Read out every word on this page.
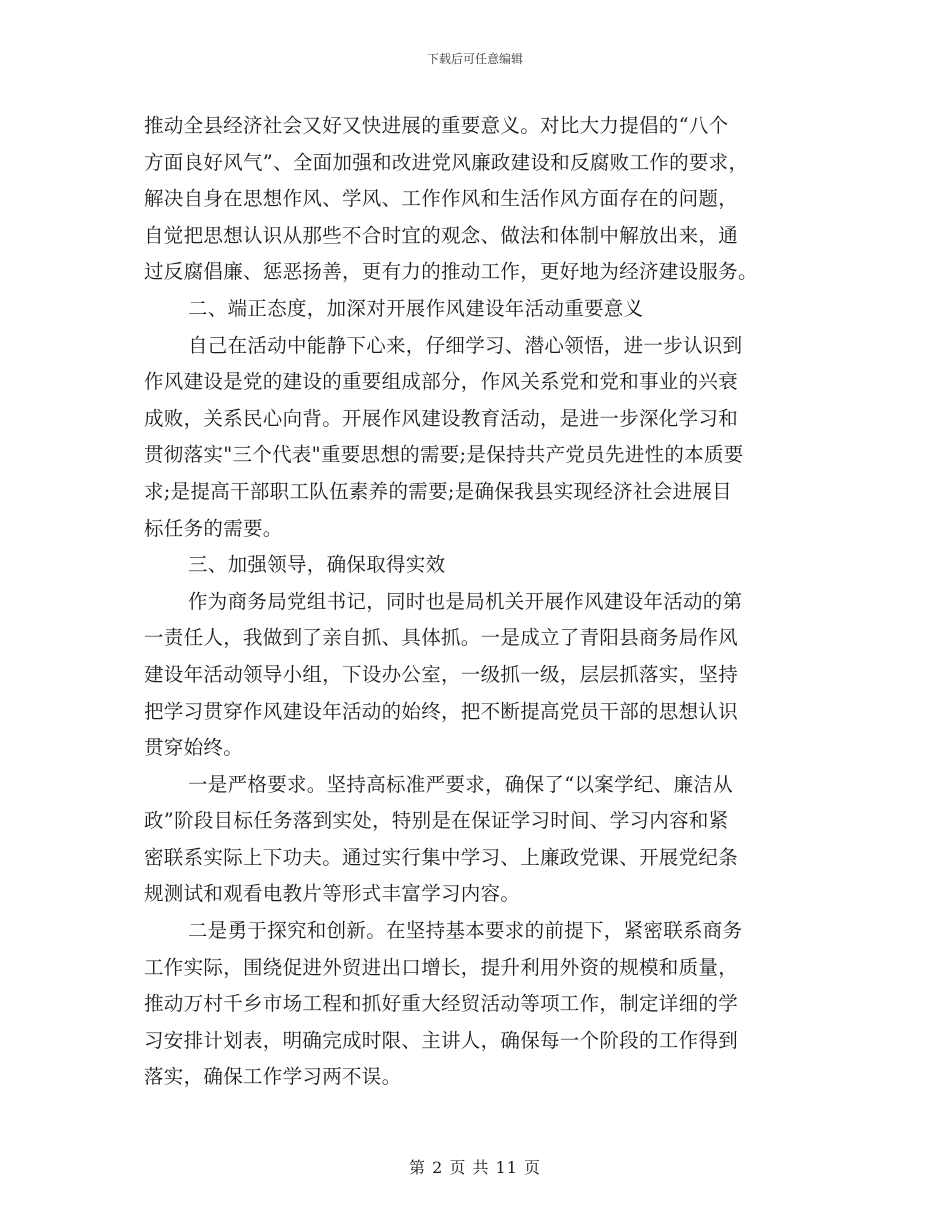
下载后可任意编辑
推动全县经济社会又好又快进展的重要意义。对比大力提倡的“八个
方面良好风气”、全面加强和改进党风廉政建设和反腐败工作的要求，
解决自身在思想作风、学风、工作作风和生活作风方面存在的问题，
自觉把思想认识从那些不合时宜的观念、做法和体制中解放出来，通
过反腐倡廉、惩恶扬善，更有力的推动工作，更好地为经济建设服务。
二、端正态度，加深对开展作风建设年活动重要意义
自己在活动中能静下心来，仔细学习、潜心领悟，进一步认识到
作风建设是党的建设的重要组成部分，作风关系党和党和事业的兴衰
成败，关系民心向背。开展作风建设教育活动，是进一步深化学习和
贯彻落实"三个代表"重要思想的需要;是保持共产党员先进性的本质要
求;是提高干部职工队伍素养的需要;是确保我县实现经济社会进展目
标任务的需要。
三、加强领导，确保取得实效
作为商务局党组书记，同时也是局机关开展作风建设年活动的第
一责任人，我做到了亲自抓、具体抓。一是成立了青阳县商务局作风
建设年活动领导小组，下设办公室，一级抓一级，层层抓落实，坚持
把学习贯穿作风建设年活动的始终，把不断提高党员干部的思想认识
贯穿始终。
一是严格要求。坚持高标准严要求，确保了“以案学纪、廉洁从
政”阶段目标任务落到实处，特别是在保证学习时间、学习内容和紧
密联系实际上下功夫。通过实行集中学习、上廉政党课、开展党纪条
规测试和观看电教片等形式丰富学习内容。
二是勇于探究和创新。在坚持基本要求的前提下，紧密联系商务
工作实际，围绕促进外贸进出口增长，提升利用外资的规模和质量，
推动万村千乡市场工程和抓好重大经贸活动等项工作，制定详细的学
习安排计划表，明确完成时限、主讲人，确保每一个阶段的工作得到
落实，确保工作学习两不误。
第 2 页 共 11 页
